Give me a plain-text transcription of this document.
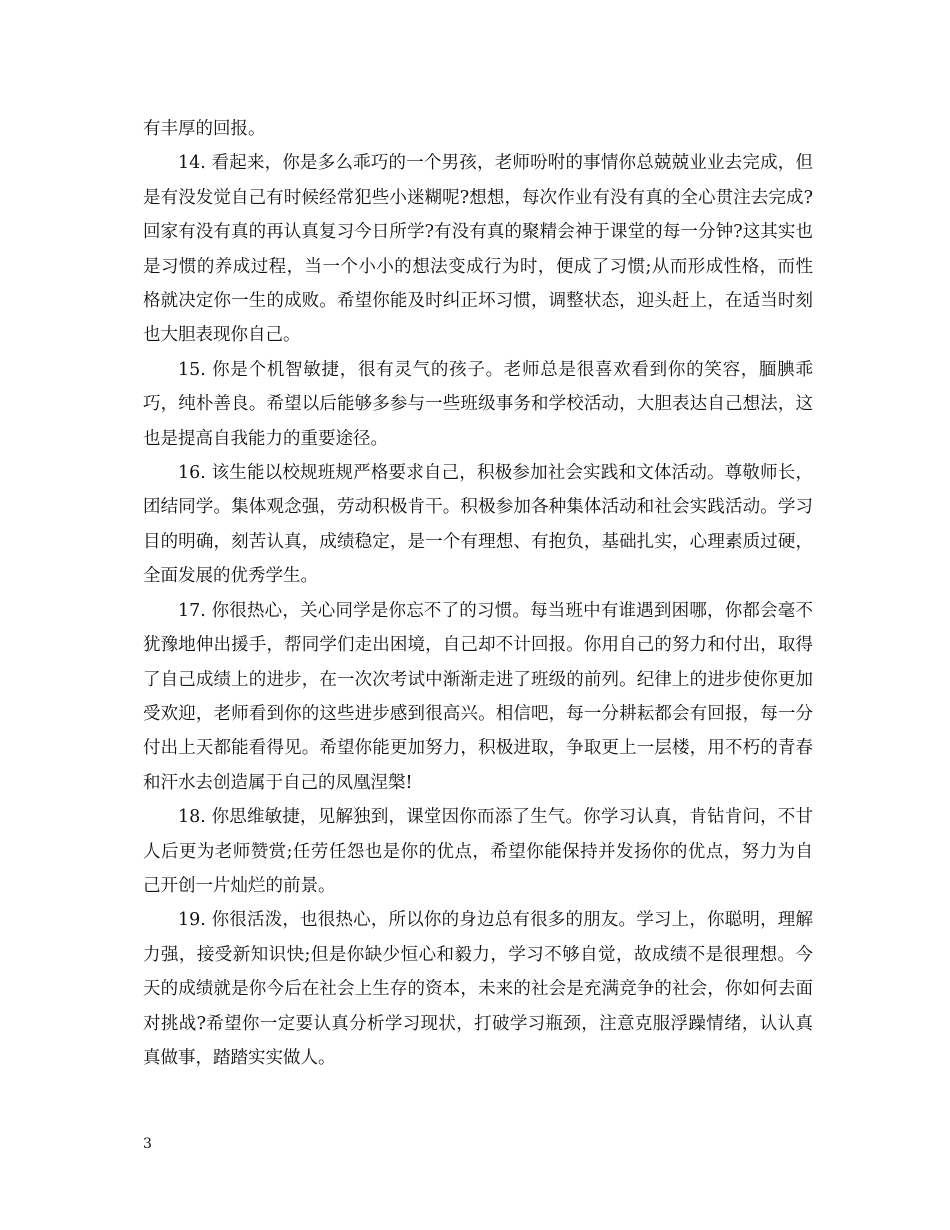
有丰厚的回报。

14. 看起来，你是多么乖巧的一个男孩，老师吩咐的事情你总兢兢业业去完成，但是有没发觉自己有时候经常犯些小迷糊呢?想想，每次作业有没有真的全心贯注去完成?回家有没有真的再认真复习今日所学?有没有真的聚精会神于课堂的每一分钟?这其实也是习惯的养成过程，当一个小小的想法变成行为时，便成了习惯;从而形成性格，而性格就决定你一生的成败。希望你能及时纠正坏习惯，调整状态，迎头赶上，在适当时刻也大胆表现你自己。

15. 你是个机智敏捷，很有灵气的孩子。老师总是很喜欢看到你的笑容，腼腆乖巧，纯朴善良。希望以后能够多参与一些班级事务和学校活动，大胆表达自己想法，这也是提高自我能力的重要途径。

16. 该生能以校规班规严格要求自己，积极参加社会实践和文体活动。尊敬师长，团结同学。集体观念强，劳动积极肯干。积极参加各种集体活动和社会实践活动。学习目的明确，刻苦认真，成绩稳定，是一个有理想、有抱负，基础扎实，心理素质过硬，全面发展的优秀学生。

17. 你很热心，关心同学是你忘不了的习惯。每当班中有谁遇到困哪，你都会毫不犹豫地伸出援手，帮同学们走出困境，自己却不计回报。你用自己的努力和付出，取得了自己成绩上的进步，在一次次考试中渐渐走进了班级的前列。纪律上的进步使你更加受欢迎，老师看到你的这些进步感到很高兴。相信吧，每一分耕耘都会有回报，每一分付出上天都能看得见。希望你能更加努力，积极进取，争取更上一层楼，用不朽的青春和汗水去创造属于自己的凤凰涅槃!

18. 你思维敏捷，见解独到，课堂因你而添了生气。你学习认真，肯钻肯问，不甘人后更为老师赞赏;任劳任怨也是你的优点，希望你能保持并发扬你的优点，努力为自己开创一片灿烂的前景。

19. 你很活泼，也很热心，所以你的身边总有很多的朋友。学习上，你聪明，理解力强，接受新知识快;但是你缺少恒心和毅力，学习不够自觉，故成绩不是很理想。今天的成绩就是你今后在社会上生存的资本，未来的社会是充满竞争的社会，你如何去面对挑战?希望你一定要认真分析学习现状，打破学习瓶颈，注意克服浮躁情绪，认认真真做事，踏踏实实做人。

3
